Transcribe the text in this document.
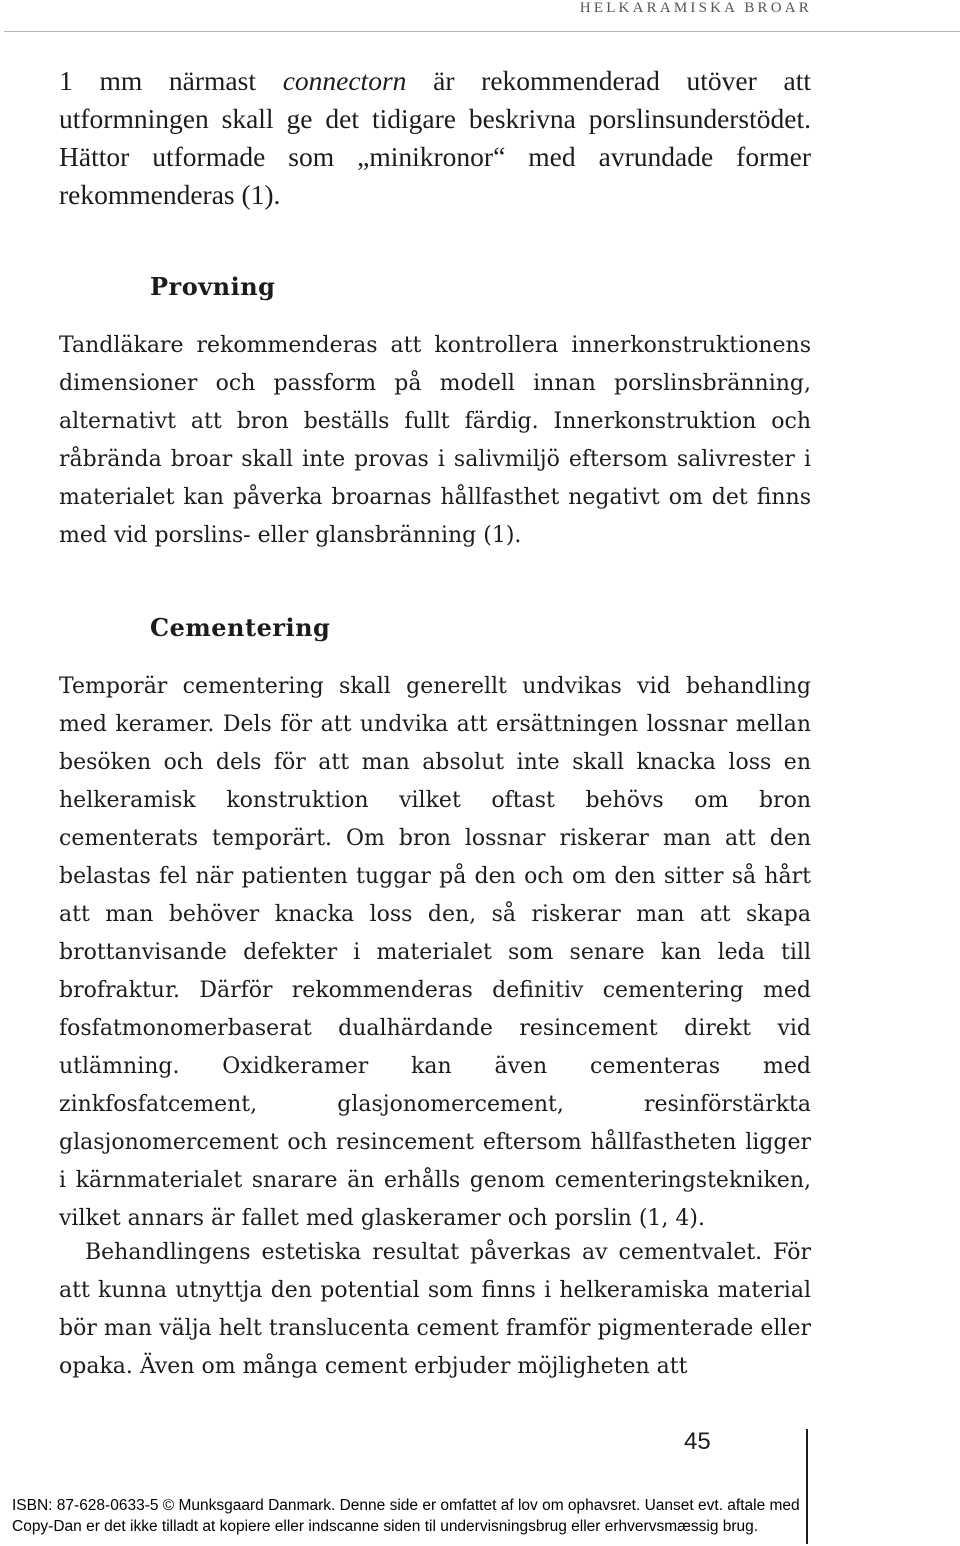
HELKARAMISKA BROAR

1 mm närmast connectorn är rekommenderad utöver att utformningen skall ge det tidigare beskrivna porslinsunderstödet. Hättor utformade som „minikronor“ med avrundade former rekommenderas (1).

Provning

Tandläkare rekommenderas att kontrollera innerkonstruktionens dimensioner och passform på modell innan porslinsbränning, alternativt att bron beställs fullt färdig. Innerkonstruktion och råbrända broar skall inte provas i salivmiljö eftersom salivrester i materialet kan påverka broarnas hållfasthet negativt om det finns med vid porslins- eller glansbränning (1).

Cementering

Temporär cementering skall generellt undvikas vid behandling med keramer. Dels för att undvika att ersättningen lossnar mellan besöken och dels för att man absolut inte skall knacka loss en helkeramisk konstruktion vilket oftast behövs om bron cementerats temporärt. Om bron lossnar riskerar man att den belastas fel när patienten tuggar på den och om den sitter så hårt att man behöver knacka loss den, så riskerar man att skapa brottanvisande defekter i materialet som senare kan leda till brofraktur. Därför rekommenderas definitiv cementering med fosfatmonomerbaserat dualhärdande resincement direkt vid utlämning. Oxidkeramer kan även cementeras med zinkfosfatcement, glasjonomercement, resinförstärkta glasjonomercement och resincement eftersom hållfastheten ligger i kärnmaterialet snarare än erhålls genom cementeringstekniken, vilket annars är fallet med glaskeramer och porslin (1, 4).

Behandlingens estetiska resultat påverkas av cementvalet. För att kunna utnyttja den potential som finns i helkeramiska material bör man välja helt translucenta cement framför pigmenterade eller opaka. Även om många cement erbjuder möjligheten att

45
ISBN: 87-628-0633-5 © Munksgaard Danmark. Denne side er omfattet af lov om ophavsret. Uanset evt. aftale med
Copy-Dan er det ikke tilladt at kopiere eller indscanne siden til undervisningsbrug eller erhvervsmæssig brug.
